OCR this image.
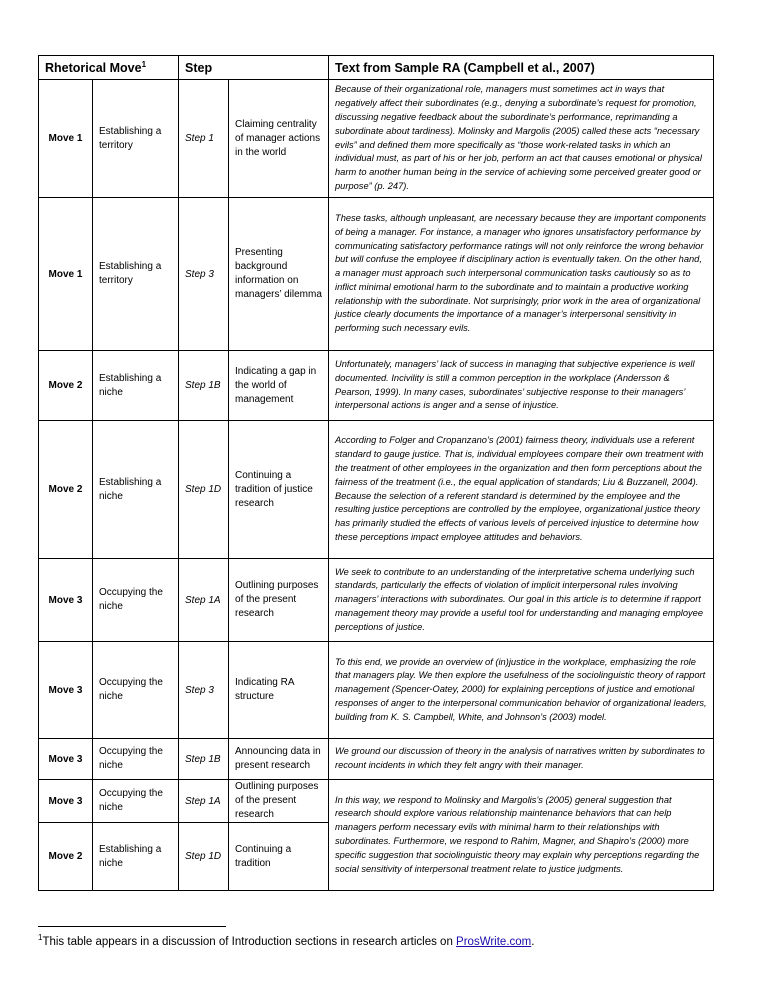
Rhetorical Move$^1$		Step		Text from Sample RA (Campbell et al., 2007)
Move 1	Establishing a territory	Step 1	Claiming centrality of manager actions in the world	Because of their organizational role, managers must sometimes act in ways that negatively affect their subordinates (e.g., denying a subordinate’s request for promotion, discussing negative feedback about the subordinate’s performance, reprimanding a subordinate about tardiness). Molinsky and Margolis (2005) called these acts “necessary evils” and defined them more specifically as “those work-related tasks in which an individual must, as part of his or her job, perform an act that causes emotional or physical harm to another human being in the service of achieving some perceived greater good or purpose” (p. 247).
Move 1	Establishing a territory	Step 3	Presenting background information on managers’ dilemma	These tasks, although unpleasant, are necessary because they are important components of being a manager. For instance, a manager who ignores unsatisfactory performance by communicating satisfactory performance ratings will not only reinforce the wrong behavior but will confuse the employee if disciplinary action is eventually taken. On the other hand, a manager must approach such interpersonal communication tasks cautiously so as to inflict minimal emotional harm to the subordinate and to maintain a productive working relationship with the subordinate. Not surprisingly, prior work in the area of organizational justice clearly documents the importance of a manager’s interpersonal sensitivity in performing such necessary evils.
Move 2	Establishing a niche	Step 1B	Indicating a gap in the world of management	Unfortunately, managers’ lack of success in managing that subjective experience is well documented. Incivility is still a common perception in the workplace (Andersson & Pearson, 1999). In many cases, subordinates’ subjective response to their managers’ interpersonal actions is anger and a sense of injustice.
Move 2	Establishing a niche	Step 1D	Continuing a tradition of justice research	According to Folger and Cropanzano’s (2001) fairness theory, individuals use a referent standard to gauge justice. That is, individual employees compare their own treatment with the treatment of other employees in the organization and then form perceptions about the fairness of the treatment (i.e., the equal application of standards; Liu & Buzzanell, 2004). Because the selection of a referent standard is determined by the employee and the resulting justice perceptions are controlled by the employee, organizational justice theory has primarily studied the effects of various levels of perceived injustice to determine how these perceptions impact employee attitudes and behaviors.
Move 3	Occupying the niche	Step 1A	Outlining purposes of the present research	We seek to contribute to an understanding of the interpretative schema underlying such standards, particularly the effects of violation of implicit interpersonal rules involving managers’ interactions with subordinates. Our goal in this article is to determine if rapport management theory may provide a useful tool for understanding and managing employee perceptions of justice.
Move 3	Occupying the niche	Step 3	Indicating RA structure	To this end, we provide an overview of (in)justice in the workplace, emphasizing the role that managers play. We then explore the usefulness of the sociolinguistic theory of rapport management (Spencer-Oatey, 2000) for explaining perceptions of justice and emotional responses of anger to the interpersonal communication behavior of organizational leaders, building from K. S. Campbell, White, and Johnson’s (2003) model.
Move 3	Occupying the niche	Step 1B	Announcing data in present research	We ground our discussion of theory in the analysis of narratives written by subordinates to recount incidents in which they felt angry with their manager.
Move 3	Occupying the niche	Step 1A	Outlining purposes of the present research	In this way, we respond to Molinsky and Margolis’s (2005) general suggestion that research should explore various relationship maintenance behaviors that can help managers perform necessary evils with minimal harm to their relationships with subordinates. Furthermore, we respond to Rahim, Magner, and Shapiro’s (2000) more specific suggestion that sociolinguistic theory may explain why perceptions regarding the social sensitivity of interpersonal treatment relate to justice judgments.
Move 2	Establishing a niche	Step 1D	Continuing a tradition	
$^1$This table appears in a discussion of Introduction sections in research articles on ProsWrite.com.
